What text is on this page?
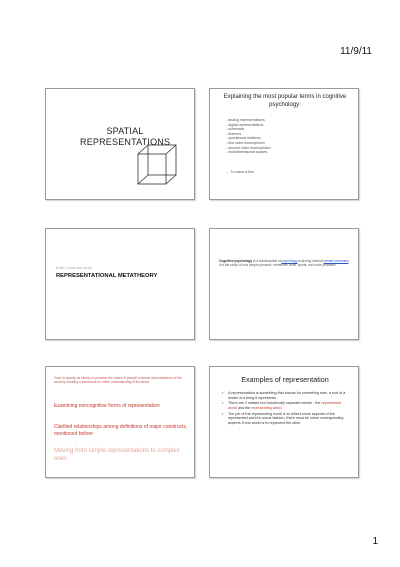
11/9/11
SPATIAL
REPRESENTATIONS
Explaining the most popular terms in cognitive psychology:
- analog representations
- digital representations
- schemata
- features
- operational relations
- first order isomorphism
- second order isomorphism
- multidimensional spaces
… To name a few
Brain / mind and world
REPRESENTATIONAL METATHEORY
Cognitive psychology is a subdiscipline of psychology exploring internal mental processes. It is the study of how people perceive, remember, think, speak, and solve problems.
Goal: to specify as clearly as possible the nature of people's internal representations of the world by creating a framework for better understanding of the terms.
Examining noncognitive forms of representation
Clarified relationships among definitions of major constructs, mentioned before
Moving from simple representations to complex ones
Examples of representation
• A representation is something that stands for something else, a sort of a model of a thing it represents.
• There are 2 related but functionally separate worlds - the represented world and the representing world.
• The job of the representing world is to reflect some aspects of the represented world in some fashion, there must be some corresponding aspects if one world is to represent the other
1
